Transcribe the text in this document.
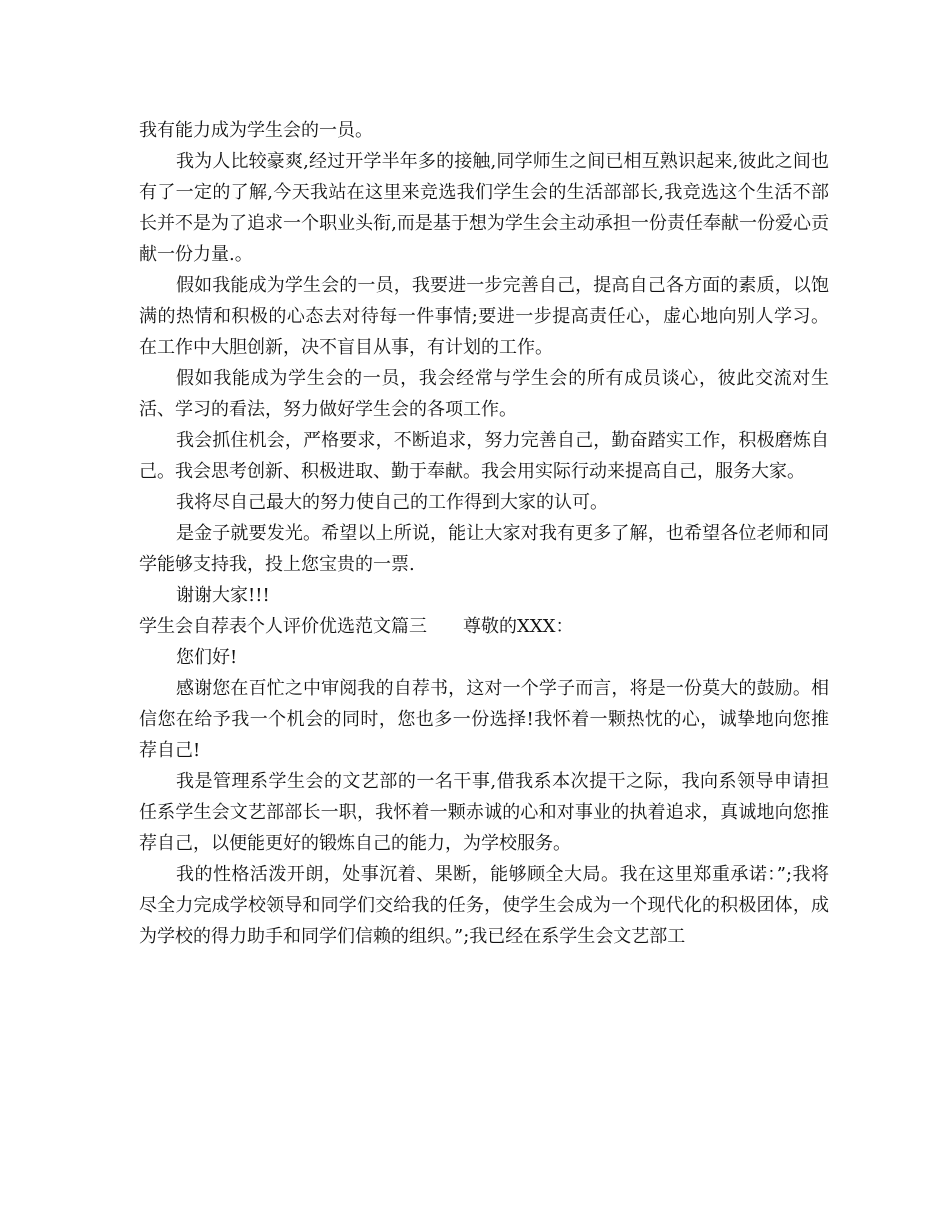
我有能力成为学生会的一员。

我为人比较豪爽,经过开学半年多的接触,同学师生之间已相互熟识起来,彼此之间也有了一定的了解,今天我站在这里来竞选我们学生会的生活部部长,我竞选这个生活不部长并不是为了追求一个职业头衔,而是基于想为学生会主动承担一份责任奉献一份爱心贡献一份力量.。

假如我能成为学生会的一员，我要进一步完善自己，提高自己各方面的素质，以饱满的热情和积极的心态去对待每一件事情;要进一步提高责任心，虚心地向别人学习。在工作中大胆创新，决不盲目从事，有计划的工作。

假如我能成为学生会的一员，我会经常与学生会的所有成员谈心，彼此交流对生活、学习的看法，努力做好学生会的各项工作。

我会抓住机会，严格要求，不断追求，努力完善自己，勤奋踏实工作，积极磨炼自己。我会思考创新、积极进取、勤于奉献。我会用实际行动来提高自己，服务大家。

我将尽自己最大的努力使自己的工作得到大家的认可。

是金子就要发光。希望以上所说，能让大家对我有更多了解，也希望各位老师和同学能够支持我，投上您宝贵的一票.

谢谢大家!!!

学生会自荐表个人评价优选范文篇三 尊敬的XXX：

您们好!

感谢您在百忙之中审阅我的自荐书，这对一个学子而言，将是一份莫大的鼓励。相信您在给予我一个机会的同时，您也多一份选择!我怀着一颗热忱的心，诚挚地向您推荐自己!

我是管理系学生会的文艺部的一名干事,借我系本次提干之际，我向系领导申请担任系学生会文艺部部长一职，我怀着一颗赤诚的心和对事业的执着追求，真诚地向您推荐自己，以便能更好的锻炼自己的能力，为学校服务。

我的性格活泼开朗，处事沉着、果断，能够顾全大局。我在这里郑重承诺：”;我将尽全力完成学校领导和同学们交给我的任务，使学生会成为一个现代化的积极团体，成为学校的得力助手和同学们信赖的组织。”;我已经在系学生会文艺部工
